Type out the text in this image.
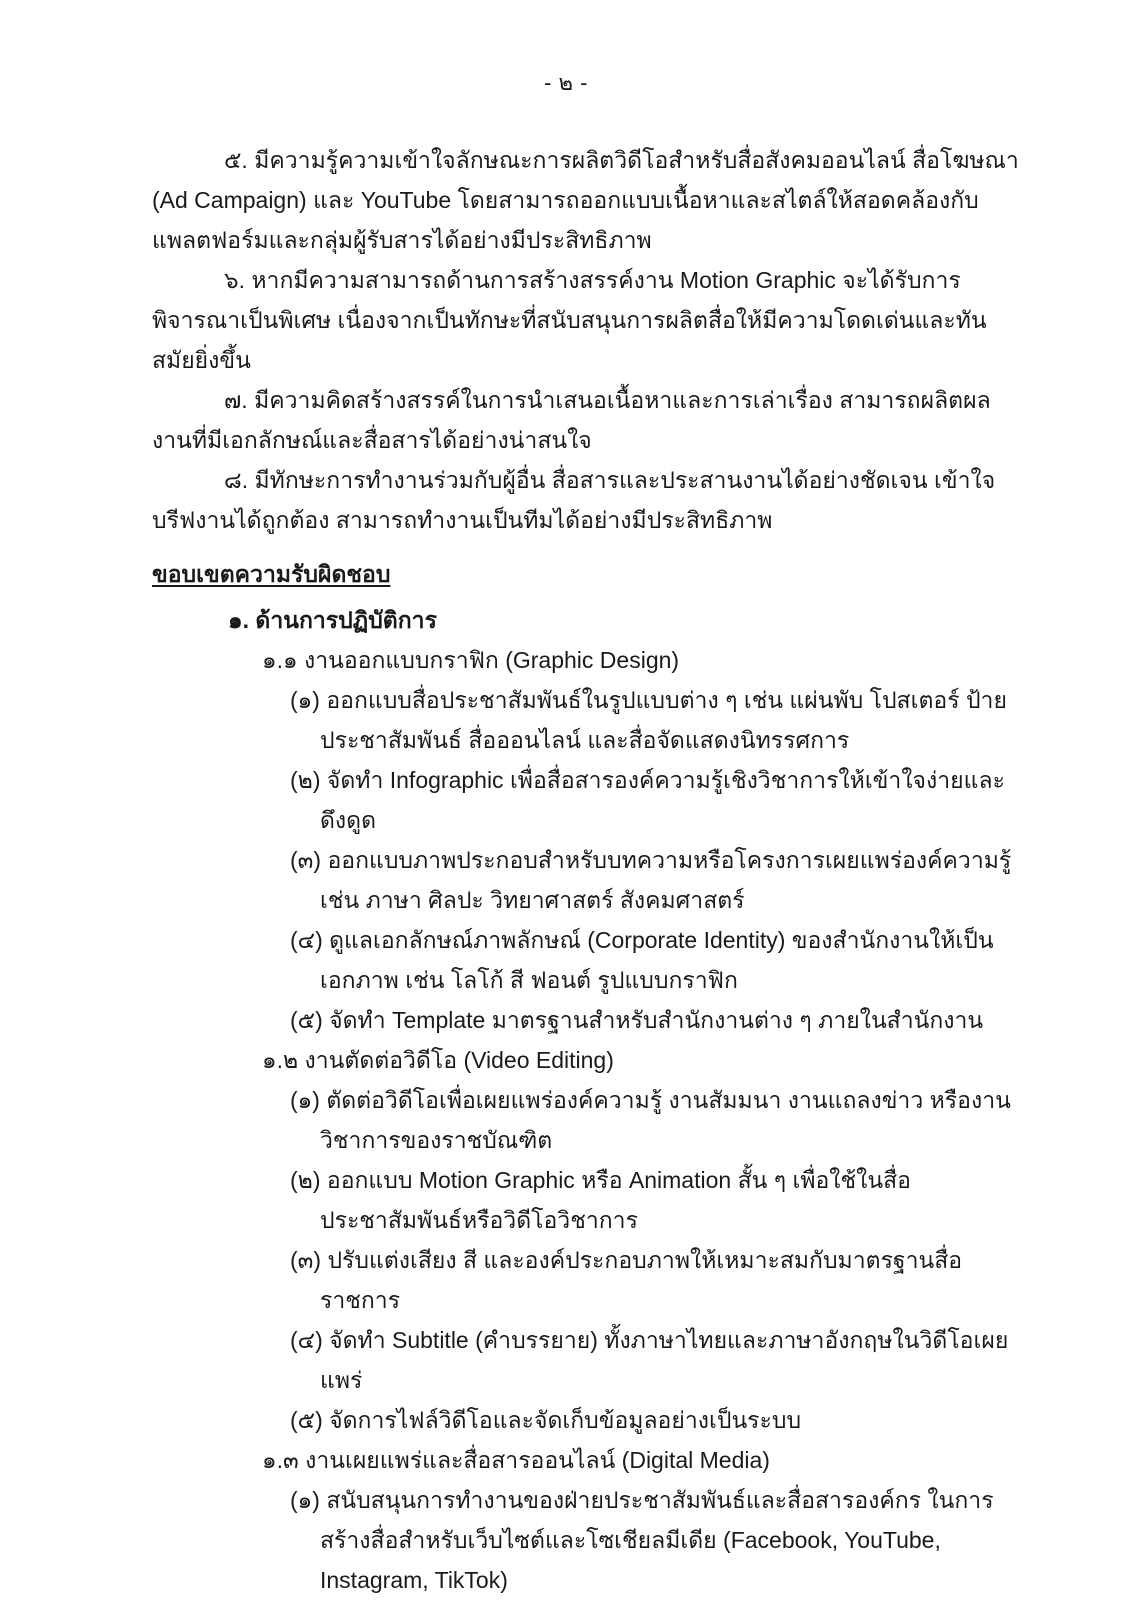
- ๒ -

๕. มีความรู้ความเข้าใจลักษณะการผลิตวิดีโอสำหรับสื่อสังคมออนไลน์ สื่อโฆษณา (Ad Campaign) และ YouTube โดยสามารถออกแบบเนื้อหาและสไตล์ให้สอดคล้องกับแพลตฟอร์มและกลุ่มผู้รับสารได้อย่างมีประสิทธิภาพ

๖. หากมีความสามารถด้านการสร้างสรรค์งาน Motion Graphic จะได้รับการพิจารณาเป็นพิเศษ เนื่องจากเป็นทักษะที่สนับสนุนการผลิตสื่อให้มีความโดดเด่นและทันสมัยยิ่งขึ้น

๗. มีความคิดสร้างสรรค์ในการนำเสนอเนื้อหาและการเล่าเรื่อง สามารถผลิตผลงานที่มีเอกลักษณ์และสื่อสารได้อย่างน่าสนใจ

๘. มีทักษะการทำงานร่วมกับผู้อื่น สื่อสารและประสานงานได้อย่างชัดเจน เข้าใจบรีฟงานได้ถูกต้อง สามารถทำงานเป็นทีมได้อย่างมีประสิทธิภาพ

ขอบเขตความรับผิดชอบ

๑. ด้านการปฏิบัติการ

๑.๑ งานออกแบบกราฟิก (Graphic Design)

(๑) ออกแบบสื่อประชาสัมพันธ์ในรูปแบบต่าง ๆ เช่น แผ่นพับ โปสเตอร์ ป้ายประชาสัมพันธ์ สื่อออนไลน์ และสื่อจัดแสดงนิทรรศการ

(๒) จัดทำ Infographic เพื่อสื่อสารองค์ความรู้เชิงวิชาการให้เข้าใจง่ายและดึงดูด

(๓) ออกแบบภาพประกอบสำหรับบทความหรือโครงการเผยแพร่องค์ความรู้ เช่น ภาษา ศิลปะ วิทยาศาสตร์ สังคมศาสตร์

(๔) ดูแลเอกลักษณ์ภาพลักษณ์ (Corporate Identity) ของสำนักงานให้เป็นเอกภาพ เช่น โลโก้ สี ฟอนต์ รูปแบบกราฟิก

(๕) จัดทำ Template มาตรฐานสำหรับสำนักงานต่าง ๆ ภายในสำนักงาน

๑.๒ งานตัดต่อวิดีโอ (Video Editing)

(๑) ตัดต่อวิดีโอเพื่อเผยแพร่องค์ความรู้ งานสัมมนา งานแถลงข่าว หรืองานวิชาการของราชบัณฑิต

(๒) ออกแบบ Motion Graphic หรือ Animation สั้น ๆ เพื่อใช้ในสื่อประชาสัมพันธ์หรือวิดีโอวิชาการ

(๓) ปรับแต่งเสียง สี และองค์ประกอบภาพให้เหมาะสมกับมาตรฐานสื่อราชการ

(๔) จัดทำ Subtitle (คำบรรยาย) ทั้งภาษาไทยและภาษาอังกฤษในวิดีโอเผยแพร่

(๕) จัดการไฟล์วิดีโอและจัดเก็บข้อมูลอย่างเป็นระบบ

๑.๓ งานเผยแพร่และสื่อสารออนไลน์ (Digital Media)

(๑) สนับสนุนการทำงานของฝ่ายประชาสัมพันธ์และสื่อสารองค์กร ในการสร้างสื่อสำหรับเว็บไซต์และโซเชียลมีเดีย (Facebook, YouTube, Instagram, TikTok)
